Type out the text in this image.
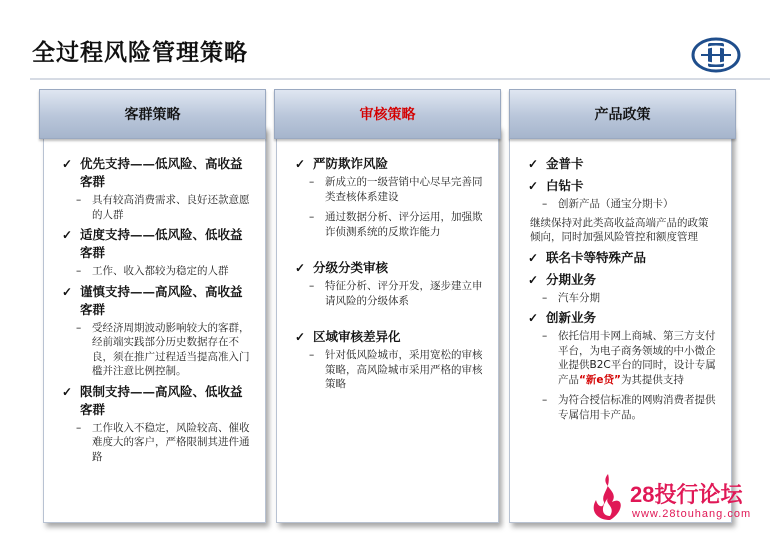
全过程风险管理策略
✓ 优先支持——低风险、高收益客群
– 具有较高消费需求、良好还款意愿的人群
✓ 适度支持——低风险、低收益客群
– 工作、收入都较为稳定的人群
✓ 谨慎支持——高风险、高收益客群
– 受经济周期波动影响较大的客群，经前端实践部分历史数据存在不良，须在推广过程适当提高准入门槛并注意比例控制。
✓ 限制支持——高风险、低收益客群
– 工作收入不稳定，风险较高、催收难度大的客户，严格限制其进件通路
客群策略
✓ 严防欺诈风险
– 新成立的一级营销中心尽早完善同类查核体系建设
– 通过数据分析、评分运用，加强欺诈侦测系统的反欺诈能力
✓ 分级分类审核
– 特征分析、评分开发，逐步建立申请风险的分级体系
✓ 区域审核差异化
– 针对低风险城市，采用宽松的审核策略，高风险城市采用严格的审核策略
审核策略
✓ 金普卡
✓ 白钻卡
– 创新产品（通宝分期卡）
继续保持对此类高收益高端产品的政策倾向，同时加强风险管控和额度管理
✓ 联名卡等特殊产品
✓ 分期业务
– 汽车分期
✓ 创新业务
– 依托信用卡网上商城、第三方支付平台，为电子商务领域的中小微企业提供B2C平台的同时，设计专属产品“新e贷”为其提供支持
– 为符合授信标准的网购消费者提供专属信用卡产品。
产品政策
28投行论坛
www.28touhang.com
